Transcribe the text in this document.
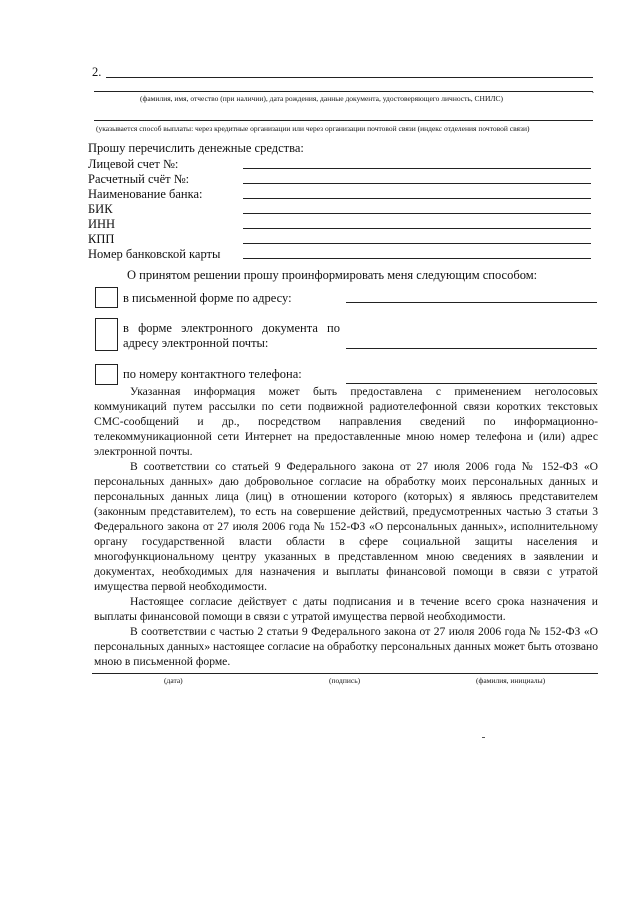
2.
.
(фамилия, имя, отчество (при наличии), дата рождения, данные документа, удостоверяющего личность, СНИЛС)
(указывается способ выплаты: через кредитные организации или через организации почтовой связи (индекс отделения почтовой связи)
Прошу перечислить денежные средства:
Лицевой счет №:
Расчетный счёт №:
Наименование банка:
БИК
ИНН
КПП
Номер банковской карты
О принятом решении прошу проинформировать меня следующим способом:
в письменной форме по адресу:
в форме электронного документа по
адресу электронной почты:
по номеру контактного телефона:

Указанная информация может быть предоставлена с применением неголосовых коммуникаций путем рассылки по сети подвижной радиотелефонной связи коротких текстовых СМС-сообщений и др., посредством направления сведений по информационно-телекоммуникационной сети Интернет на предоставленные мною номер телефона и (или) адрес электронной почты.

В соответствии со статьей 9 Федерального закона от 27 июля 2006 года № 152-ФЗ «О персональных данных» даю добровольное согласие на обработку моих персональных данных и персональных данных лица (лиц) в отношении которого (которых) я являюсь представителем (законным представителем), то есть на совершение действий, предусмотренных частью 3 статьи 3 Федерального закона от 27 июля 2006 года № 152-ФЗ «О персональных данных», исполнительному органу государственной власти области в сфере социальной защиты населения и многофункциональному центру указанных в представленном мною сведениях в заявлении и документах, необходимых для назначения и выплаты финансовой помощи в связи с утратой имущества первой необходимости.

Настоящее согласие действует с даты подписания и в течение всего срока назначения и выплаты финансовой помощи в связи с утратой имущества первой необходимости.

В соответствии с частью 2 статьи 9 Федерального закона от 27 июля 2006 года № 152-ФЗ «О персональных данных» настоящее согласие на обработку персональных данных может быть отозвано мною в письменной форме.

(дата)	(подпись)	(фамилия, инициалы)
